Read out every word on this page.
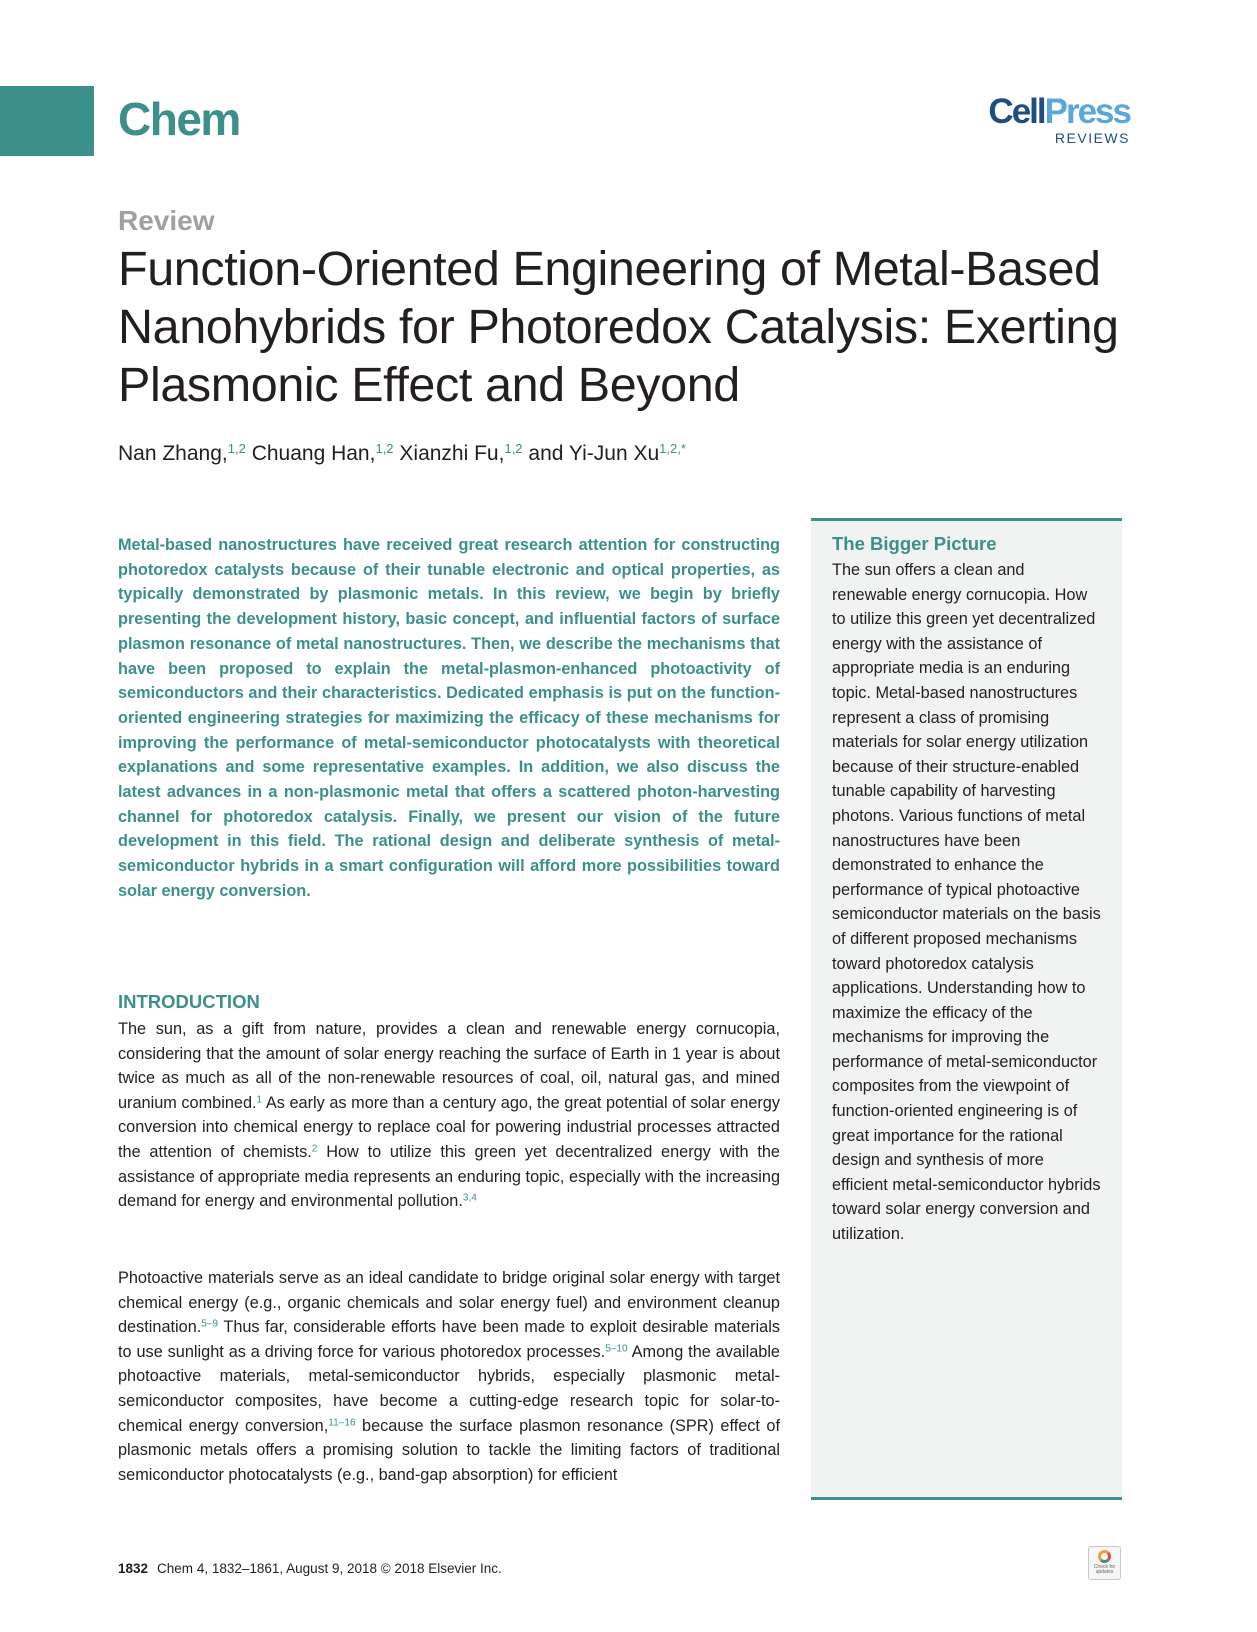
Chem	CellPress
REVIEWS
Review
Function-Oriented Engineering of Metal-Based Nanohybrids for Photoredox Catalysis: Exerting Plasmonic Effect and Beyond
Nan Zhang,$^{1,2}$ Chuang Han,$^{1,2}$ Xianzhi Fu,$^{1,2}$ and Yi-Jun $Xu^{1,2,*}$

Metal-based nanostructures have received great research attention for constructing photoredox catalysts because of their tunable electronic and optical properties, as typically demonstrated by plasmonic metals. In this review, we begin by briefly presenting the development history, basic concept, and influential factors of surface plasmon resonance of metal nanostructures. Then, we describe the mechanisms that have been proposed to explain the metal-plasmon-enhanced photoactivity of semiconductors and their characteristics. Dedicated emphasis is put on the function-oriented engineering strategies for maximizing the efficacy of these mechanisms for improving the performance of metal-semiconductor photocatalysts with theoretical explanations and some representative examples. In addition, we also discuss the latest advances in a non-plasmonic metal that offers a scattered photon-harvesting channel for photoredox catalysis. Finally, we present our vision of the future development in this field. The rational design and deliberate synthesis of metal-semiconductor hybrids in a smart configuration will afford more possibilities toward solar energy conversion.

INTRODUCTION

The sun, as a gift from nature, provides a clean and renewable energy cornucopia, considering that the amount of solar energy reaching the surface of Earth in 1 year is about twice as much as all of the non-renewable resources of coal, oil, natural gas, and mined uranium combined.$^1$ As early as more than a century ago, the great potential of solar energy conversion into chemical energy to replace coal for powering industrial processes attracted the attention of chemists.$^2$ How to utilize this green yet decentralized energy with the assistance of appropriate media represents an enduring topic, especially with the increasing demand for energy and environmental pollution.$^{3,4}$

Photoactive materials serve as an ideal candidate to bridge original solar energy with target chemical energy (e.g., organic chemicals and solar energy fuel) and environment cleanup destination.$^{5-9}$ Thus far, considerable efforts have been made to exploit desirable materials to use sunlight as a driving force for various photoredox processes.$^{5-10}$ Among the available photoactive materials, metal-semiconductor hybrids, especially plasmonic metal-semiconductor composites, have become a cutting-edge research topic for solar-to-chemical energy conversion,$^{11-16}$ because the surface plasmon resonance (SPR) effect of plasmonic metals offers a promising solution to tackle the limiting factors of traditional semiconductor photocatalysts (e.g., band-gap absorption) for efficient

The Bigger Picture

The sun offers a clean and renewable energy cornucopia. How to utilize this green yet decentralized energy with the assistance of appropriate media is an enduring topic. Metal-based nanostructures represent a class of promising materials for solar energy utilization because of their structure-enabled tunable capability of harvesting photons. Various functions of metal nanostructures have been demonstrated to enhance the performance of typical photoactive semiconductor materials on the basis of different proposed mechanisms toward photoredox catalysis applications. Understanding how to maximize the efficacy of the mechanisms for improving the performance of metal-semiconductor composites from the viewpoint of function-oriented engineering is of great importance for the rational design and synthesis of more efficient metal-semiconductor hybrids toward solar energy conversion and utilization.

1832 Chem 4, 1832–1861, August 9, 2018 © 2018 Elsevier Inc.	Check for updates
